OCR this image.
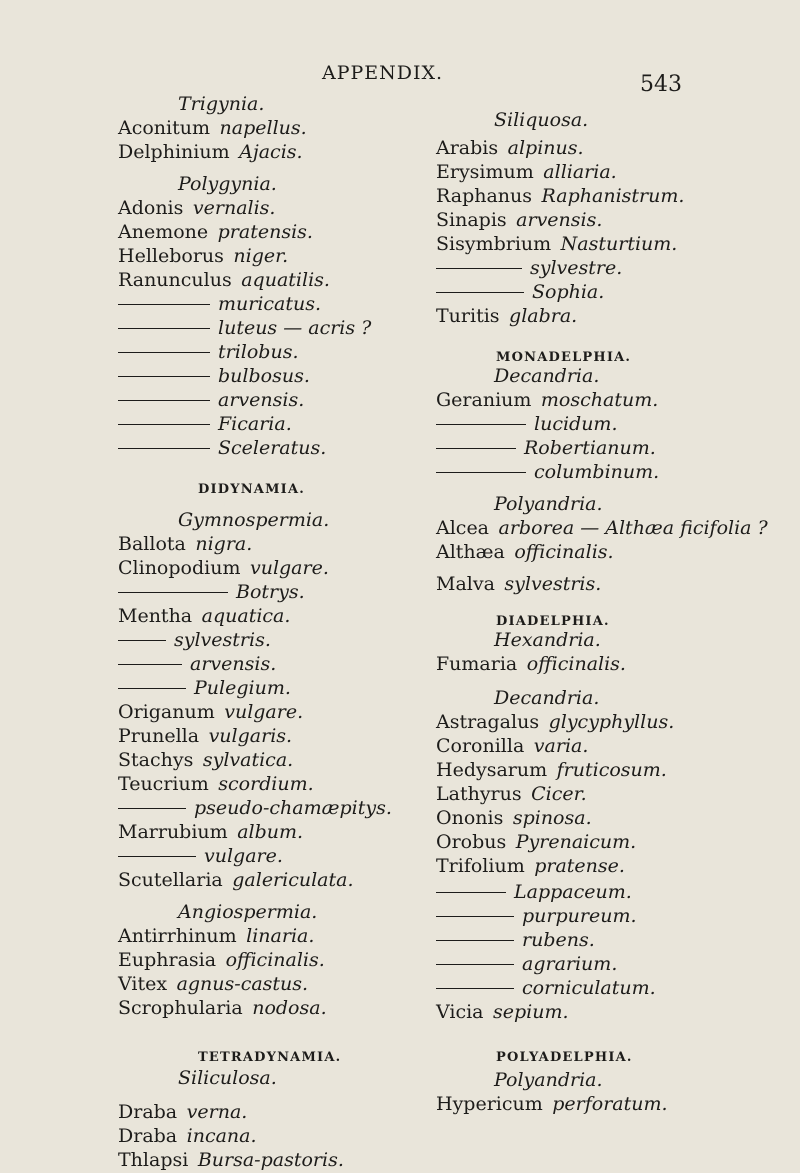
APPENDIX.	543
Trigynia.
Aconitum  napellus.
Delphinium  Ajacis.
Polygynia.
Adonis  vernalis.
Anemone  pratensis.
Helleborus  niger.
Ranunculus  aquatilis.
muricatus.
luteus — acris ?
trilobus.
bulbosus.
arvensis.
Ficaria.
Sceleratus.
DIDYNAMIA.
Gymnospermia.
Ballota  nigra.
Clinopodium  vulgare.
Botrys.
Mentha  aquatica.
sylvestris.
arvensis.
Pulegium.
Origanum  vulgare.
Prunella  vulgaris.
Stachys  sylvatica.
Teucrium  scordium.
pseudo-chamæpitys.
Marrubium  album.
vulgare.
Scutellaria  galericulata.
Angiospermia.
Antirrhinum  linaria.
Euphrasia  officinalis.
Vitex  agnus-castus.
Scrophularia  nodosa.
TETRADYNAMIA.
Siliculosa.
Draba  verna.
Draba  incana.
Thlapsi  Bursa-pastoris.
Siliquosa.
Arabis  alpinus.
Erysimum  alliaria.
Raphanus  Raphanistrum.
Sinapis  arvensis.
Sisymbrium  Nasturtium.
sylvestre.
Sophia.
Turitis  glabra.
MONADELPHIA.
Decandria.
Geranium  moschatum.
lucidum.
Robertianum.
columbinum.
Polyandria.
Alcea  arborea — Althæa ficifolia ?
Althæa  officinalis.
Malva  sylvestris.
DIADELPHIA.
Hexandria.
Fumaria  officinalis.
Decandria.
Astragalus  glycyphyllus.
Coronilla  varia.
Hedysarum  fruticosum.
Lathyrus  Cicer.
Ononis  spinosa.
Orobus  Pyrenaicum.
Trifolium  pratense.
Lappaceum.
purpureum.
rubens.
agrarium.
corniculatum.
Vicia  sepium.
POLYADELPHIA.
Polyandria.
Hypericum  perforatum.
